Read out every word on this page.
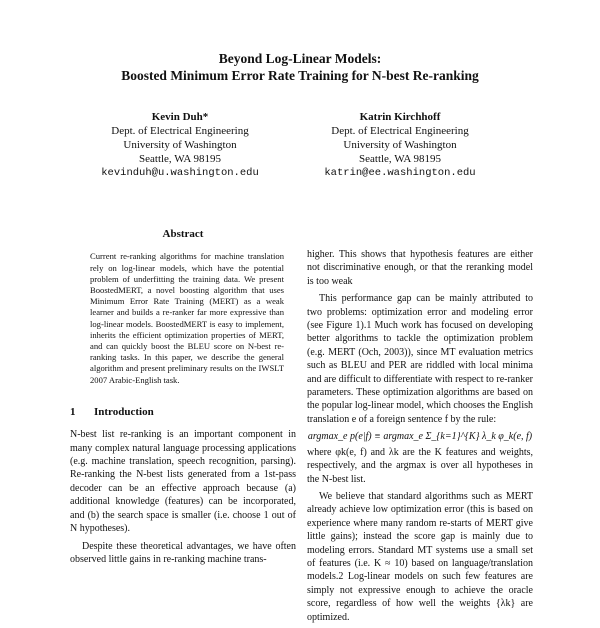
Beyond Log-Linear Models:
Boosted Minimum Error Rate Training for N-best Re-ranking
Kevin Duh*
Dept. of Electrical Engineering
University of Washington
Seattle, WA 98195
kevinduh@u.washington.edu
Katrin Kirchhoff
Dept. of Electrical Engineering
University of Washington
Seattle, WA 98195
katrin@ee.washington.edu
Abstract
Current re-ranking algorithms for machine translation rely on log-linear models, which have the potential problem of underfitting the training data. We present BoostedMERT, a novel boosting algorithm that uses Minimum Error Rate Training (MERT) as a weak learner and builds a re-ranker far more expressive than log-linear models. BoostedMERT is easy to implement, inherits the efficient optimization properties of MERT, and can quickly boost the BLEU score on N-best re-ranking tasks. In this paper, we describe the general algorithm and present preliminary results on the IWSLT 2007 Arabic-English task.
1 Introduction
N-best list re-ranking is an important component in many complex natural language processing applications (e.g. machine translation, speech recognition, parsing). Re-ranking the N-best lists generated from a 1st-pass decoder can be an effective approach because (a) additional knowledge (features) can be incorporated, and (b) the search space is smaller (i.e. choose 1 out of N hypotheses).
Despite these theoretical advantages, we have often observed little gains in re-ranking machine trans-
higher. This shows that hypothesis features are either not discriminative enough, or that the reranking model is too weak
This performance gap can be mainly attributed to two problems: optimization error and modeling error (see Figure 1).1 Much work has focused on developing better algorithms to tackle the optimization problem (e.g. MERT (Och, 2003)), since MT evaluation metrics such as BLEU and PER are riddled with local minima and are difficult to differentiate with respect to re-ranker parameters. These optimization algorithms are based on the popular log-linear model, which chooses the English translation e of a foreign sentence f by the rule:
argmax_e p(e|f) ≡ argmax_e Σ_{k=1}^{K} λ_k φ_k(e, f)
where φk(e, f) and λk are the K features and weights, respectively, and the argmax is over all hypotheses in the N-best list.
We believe that standard algorithms such as MERT already achieve low optimization error (this is based on experience where many random re-starts of MERT give little gains); instead the score gap is mainly due to modeling errors. Standard MT systems use a small set of features (i.e. K ≈ 10) based on language/translation models.2 Log-linear models on such few features are simply not expressive enough to achieve the oracle score, regardless of how well the weights {λk} are optimized.
